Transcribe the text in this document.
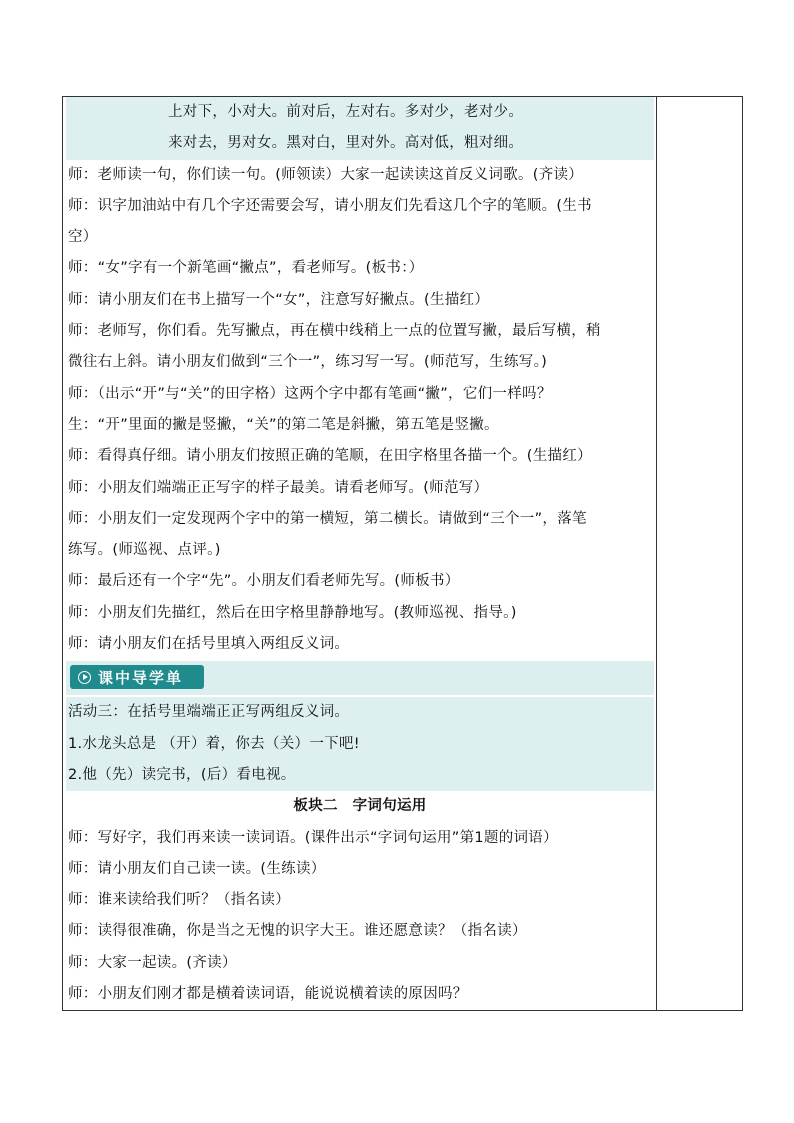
上对下，小对大。前对后，左对右。多对少，老对少。
来对去，男对女。黑对白，里对外。高对低，粗对细。
师：老师读一句，你们读一句。(师领读）大家一起读读这首反义词歌。(齐读）
师：识字加油站中有几个字还需要会写，请小朋友们先看这几个字的笔顺。(生书
空）
师：“女”字有一个新笔画“撇点”，看老师写。(板书：）
师：请小朋友们在书上描写一个“女”，注意写好撇点。(生描红）
师：老师写，你们看。先写撇点，再在横中线稍上一点的位置写撇，最后写横，稍
微往右上斜。请小朋友们做到“三个一”，练习写一写。(师范写，生练写。)
师：（出示“开”与“关”的田字格）这两个字中都有笔画“撇”，它们一样吗？
生：“开”里面的撇是竖撇，“关”的第二笔是斜撇，第五笔是竖撇。
师：看得真仔细。请小朋友们按照正确的笔顺，在田字格里各描一个。(生描红）
师：小朋友们端端正正写字的样子最美。请看老师写。(师范写）
师：小朋友们一定发现两个字中的第一横短，第二横长。请做到“三个一”，落笔
练写。(师巡视、点评。)
师：最后还有一个字“先”。小朋友们看老师先写。(师板书）
师：小朋友们先描红，然后在田字格里静静地写。(教师巡视、指导。)
师：请小朋友们在括号里填入两组反义词。
课中导学单
活动三：在括号里端端正正写两组反义词。
1.水龙头总是 （开）着，你去（关）一下吧!
2.他（先）读完书，(后）看电视。
板块二　字词句运用
师：写好字，我们再来读一读词语。(课件出示“字词句运用”第1题的词语）
师：请小朋友们自己读一读。(生练读）
师：谁来读给我们听？（指名读）
师：读得很准确，你是当之无愧的识字大王。谁还愿意读？（指名读）
师：大家一起读。(齐读）
师：小朋友们刚才都是横着读词语，能说说横着读的原因吗？
